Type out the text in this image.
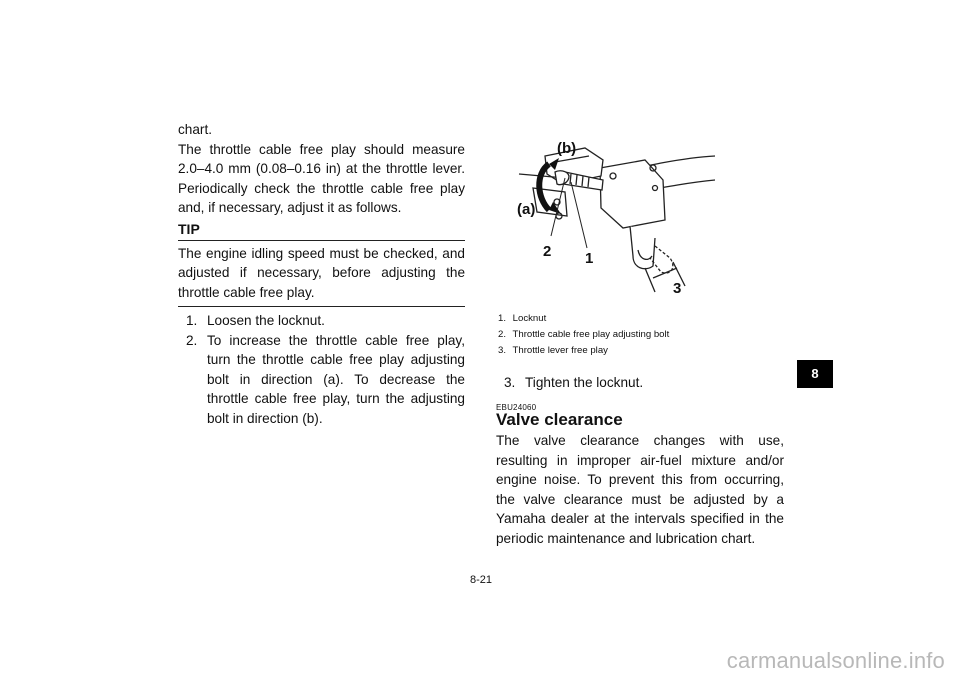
chart.

The throttle cable free play should measure 2.0–4.0 mm (0.08–0.16 in) at the throttle lever. Periodically check the throttle cable free play and, if necessary, adjust it as follows.

TIP
The engine idling speed must be checked, and adjusted if necessary, before adjusting the throttle cable free play.
1. Loosen the locknut.
2. To increase the throttle cable free play, turn the throttle cable free play adjusting bolt in direction (a). To decrease the throttle cable free play, turn the adjusting bolt in direction (b).
(b)
(a)
2 1
3
1. Locknut
2. Throttle cable free play adjusting bolt
3. Throttle lever free play
3. Tighten the locknut.
EBU24060
Valve clearance
The valve clearance changes with use, resulting in improper air-fuel mixture and/or engine noise. To prevent this from occurring, the valve clearance must be adjusted by a Yamaha dealer at the intervals specified in the periodic maintenance and lubrication chart.
8
8-21
carmanualsonline.info
